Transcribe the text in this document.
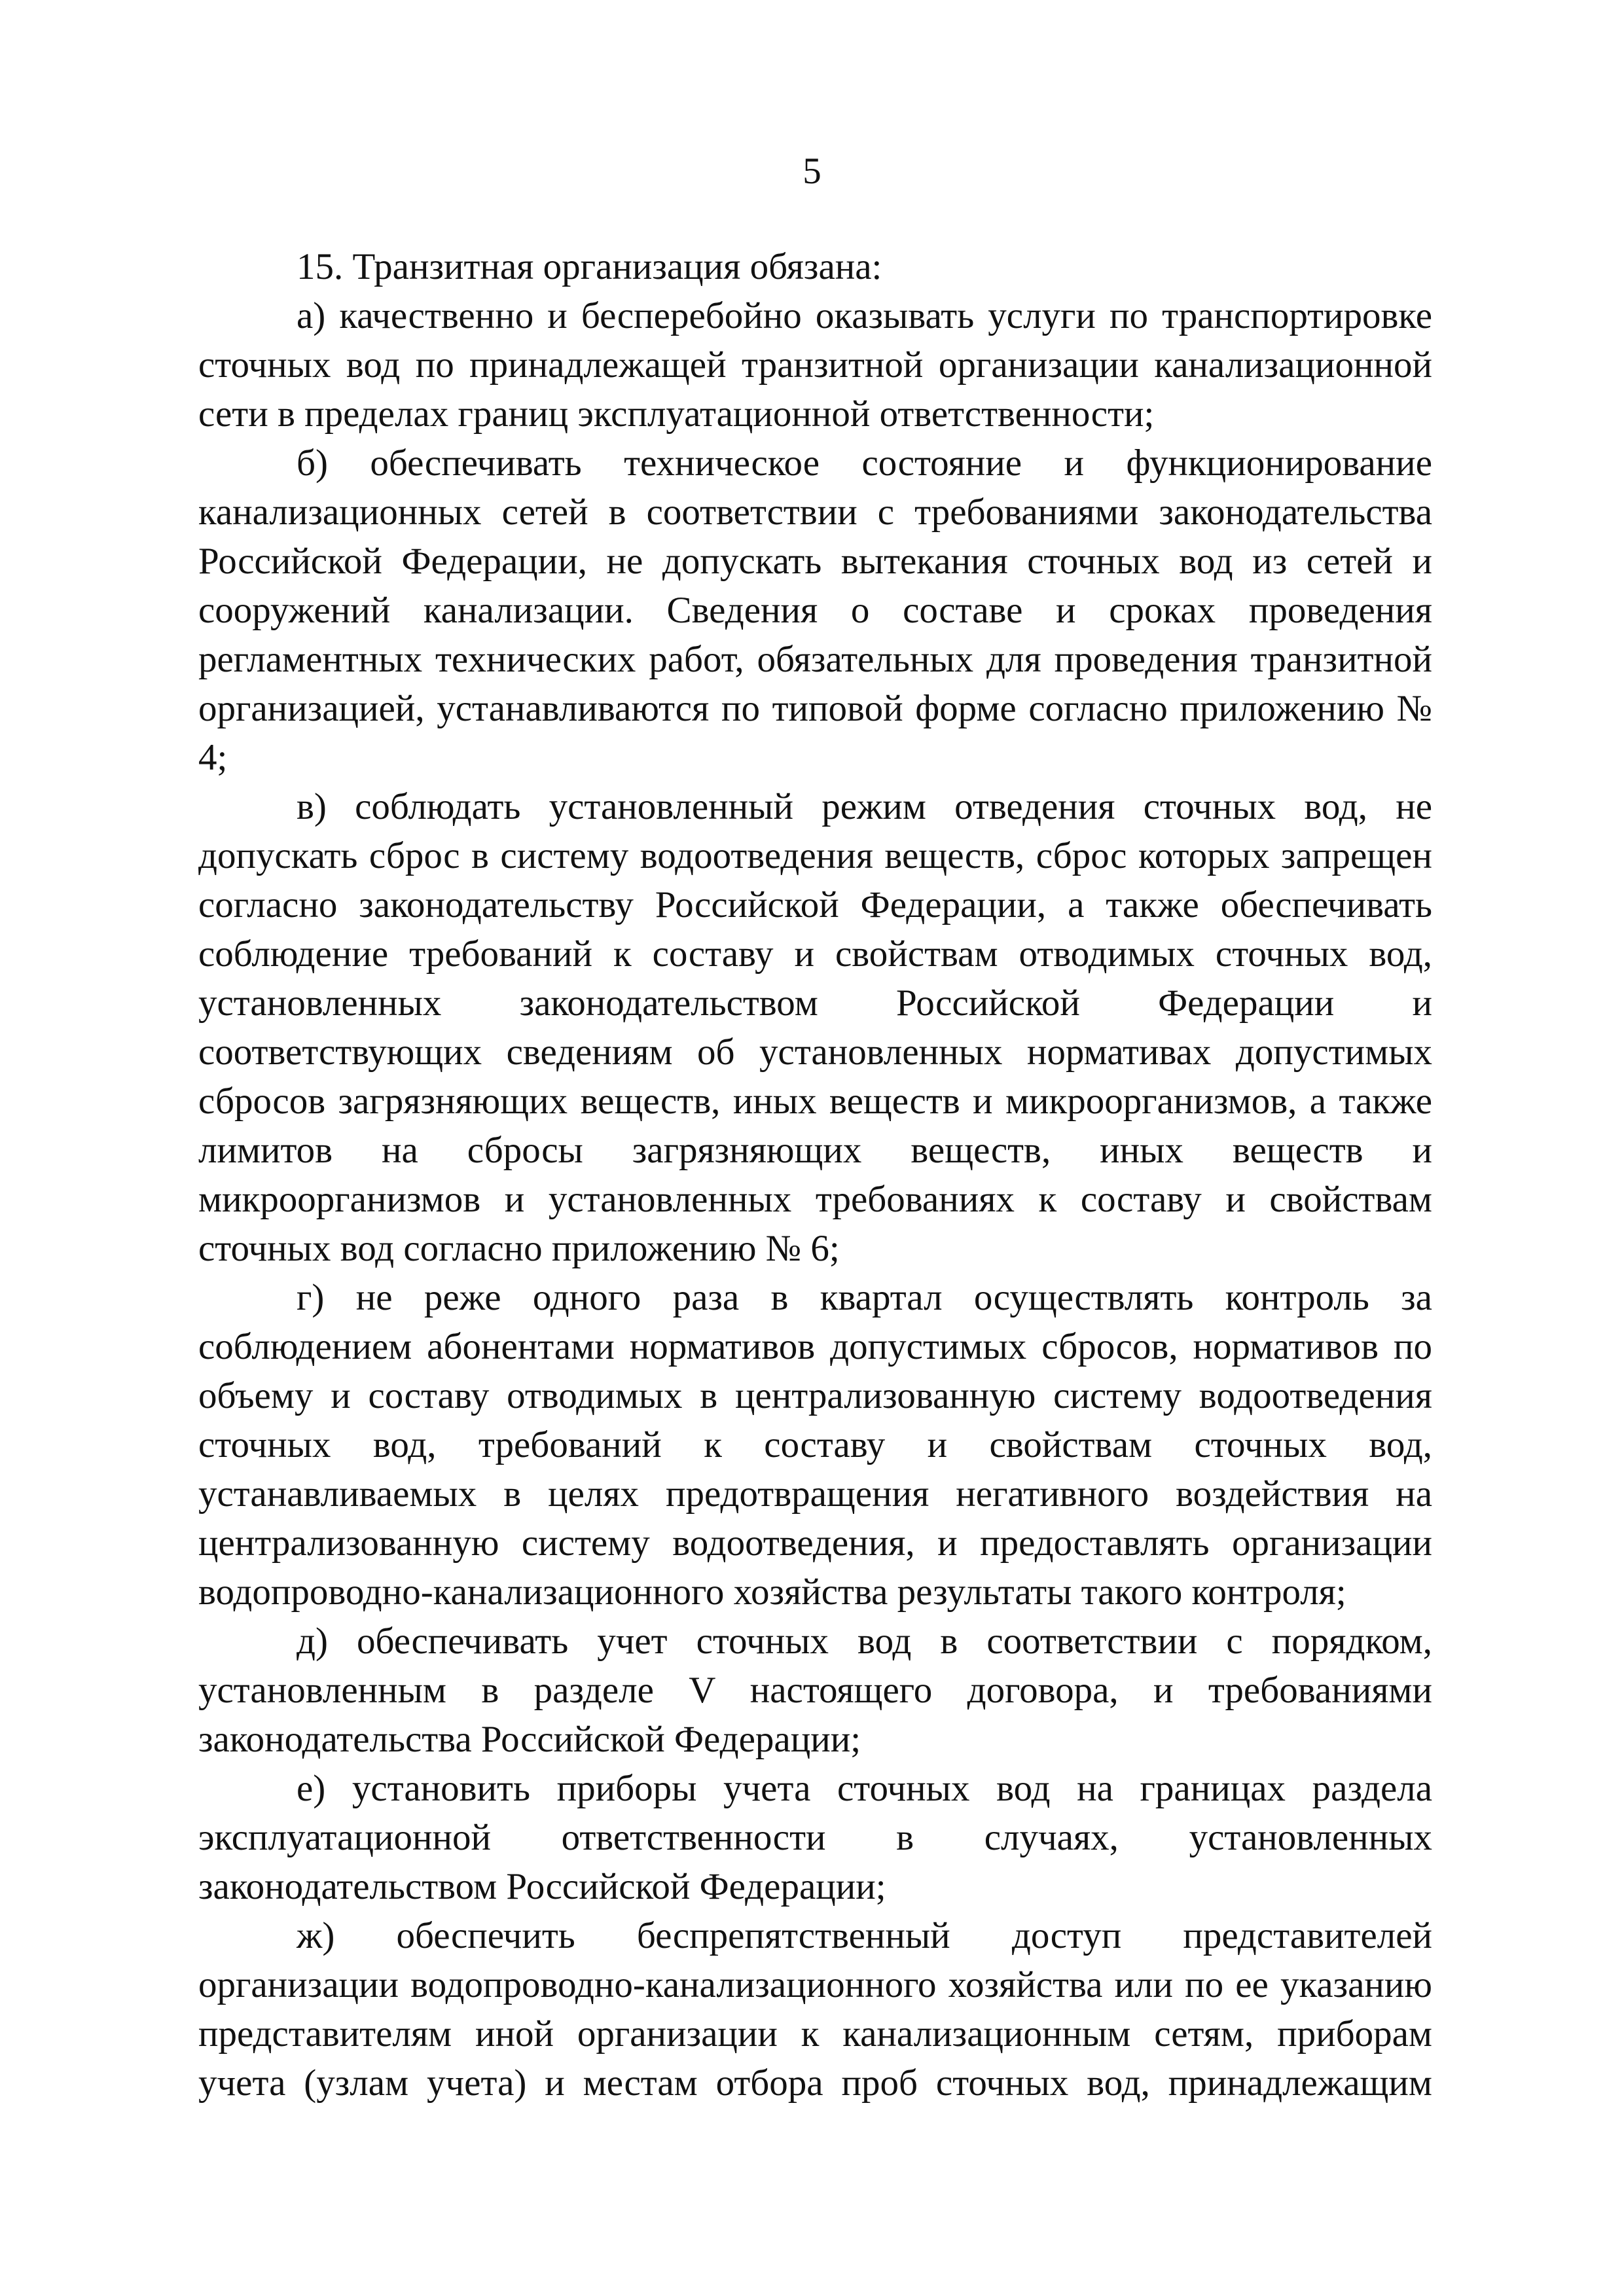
5

15. Транзитная организация обязана:

а) качественно и бесперебойно оказывать услуги по транспортировке сточных вод по принадлежащей транзитной организации канализационной сети в пределах границ эксплуатационной ответственности;

б) обеспечивать техническое состояние и функционирование канализационных сетей в соответствии с требованиями законодательства Российской Федерации, не допускать вытекания сточных вод из сетей и сооружений канализации. Сведения о составе и сроках проведения регламентных технических работ, обязательных для проведения транзитной организацией, устанавливаются по типовой форме согласно приложению № 4;

в) соблюдать установленный режим отведения сточных вод, не допускать сброс в систему водоотведения веществ, сброс которых запрещен согласно законодательству Российской Федерации, а также обеспечивать соблюдение требований к составу и свойствам отводимых сточных вод, установленных законодательством Российской Федерации и соответствующих сведениям об установленных нормативах допустимых сбросов загрязняющих веществ, иных веществ и микроорганизмов, а также лимитов на сбросы загрязняющих веществ, иных веществ и микроорганизмов и установленных требованиях к составу и свойствам сточных вод согласно приложению № 6;

г) не реже одного раза в квартал осуществлять контроль за соблюдением абонентами нормативов допустимых сбросов, нормативов по объему и составу отводимых в централизованную систему водоотведения сточных вод, требований к составу и свойствам сточных вод, устанавливаемых в целях предотвращения негативного воздействия на централизованную систему водоотведения, и предоставлять организации водопроводно-канализационного хозяйства результаты такого контроля;

д) обеспечивать учет сточных вод в соответствии с порядком, установленным в разделе V настоящего договора, и требованиями законодательства Российской Федерации;

е) установить приборы учета сточных вод на границах раздела эксплуатационной ответственности в случаях, установленных законодательством Российской Федерации;

ж) обеспечить беспрепятственный доступ представителей организации водопроводно-канализационного хозяйства или по ее указанию представителям иной организации к канализационным сетям, приборам учета (узлам учета) и местам отбора проб сточных вод, принадлежащим
